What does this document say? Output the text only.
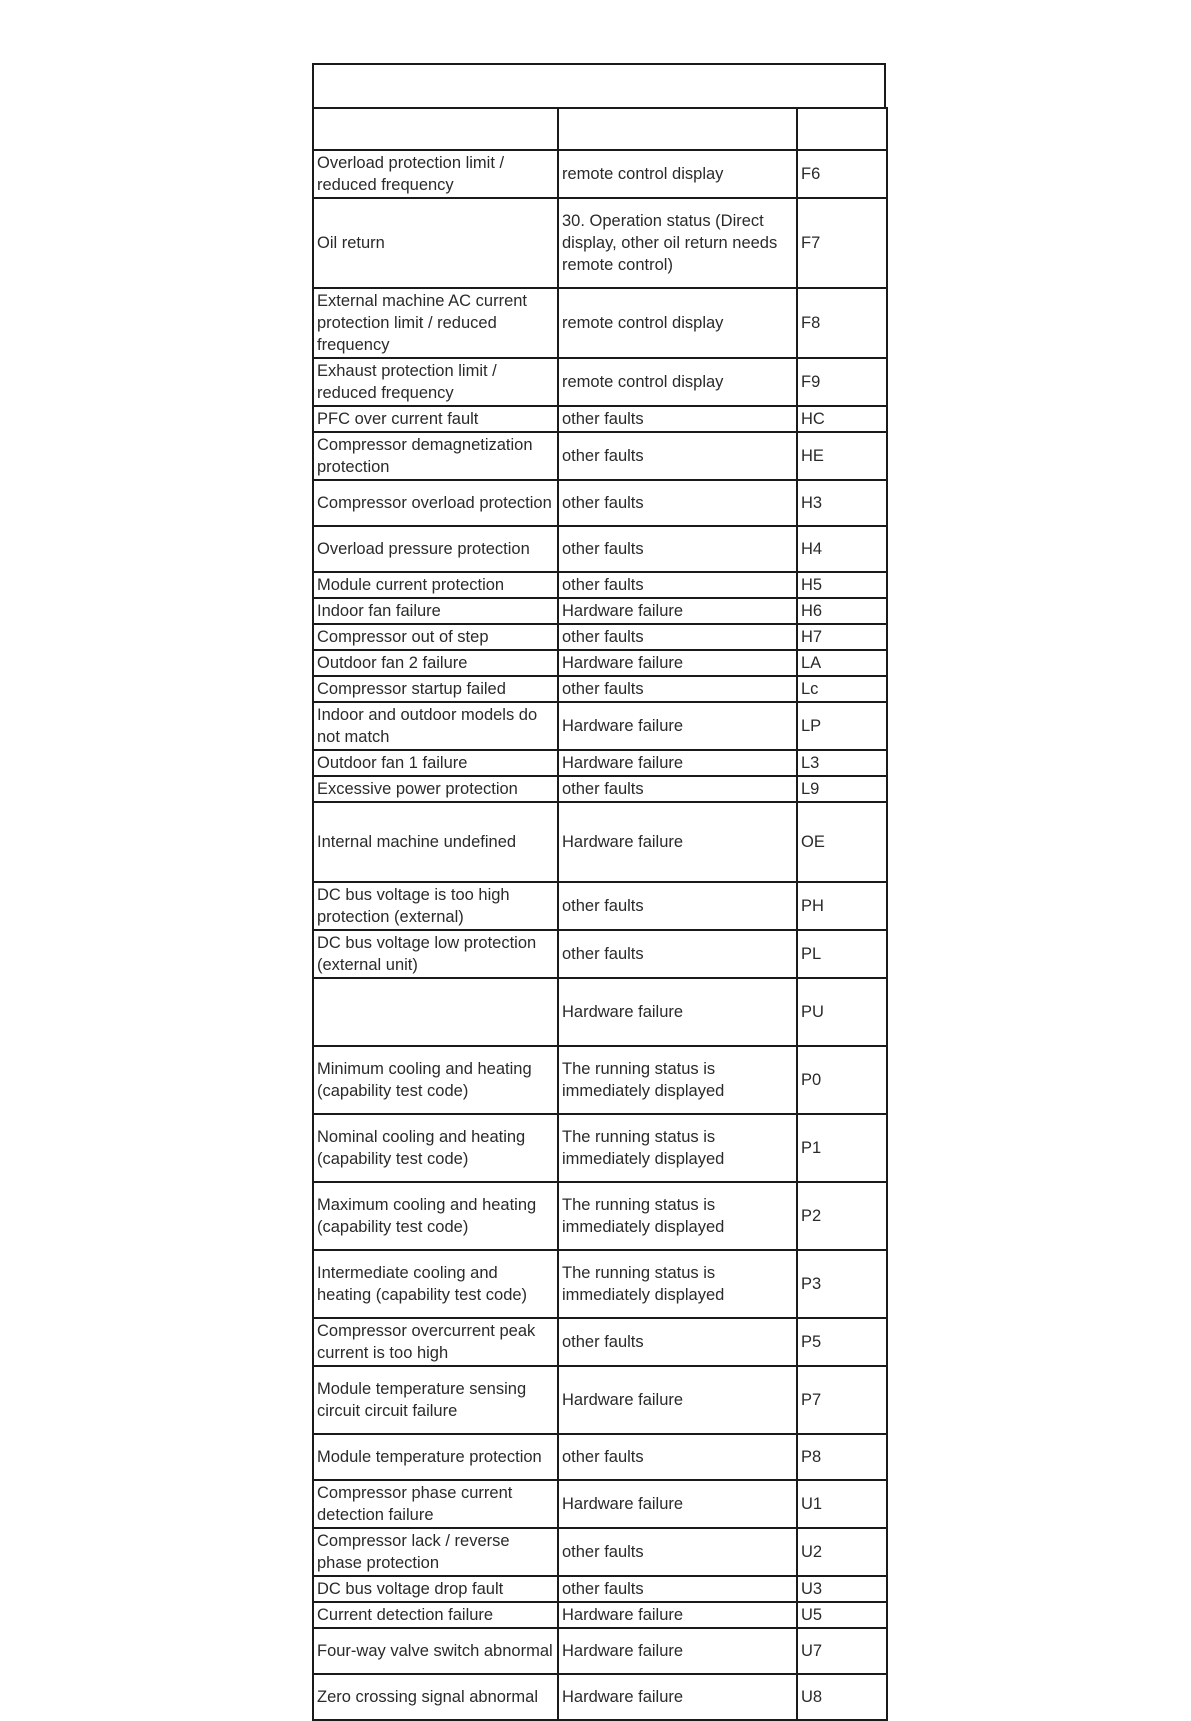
Overload protection limit / reduced frequency	remote control display	F6
Oil return	30. Operation status (Direct display, other oil return needs remote control)	F7
External machine AC current protection limit / reduced frequency	remote control display	F8
Exhaust protection limit / reduced frequency	remote control display	F9
PFC over current fault	other faults	HC
Compressor demagnetization protection	other faults	HE
Compressor overload protection	other faults	H3
Overload pressure protection	other faults	H4
Module current protection	other faults	H5
Indoor fan failure	Hardware failure	H6
Compressor out of step	other faults	H7
Outdoor fan 2 failure	Hardware failure	LA
Compressor startup failed	other faults	Lc
Indoor and outdoor models do not match	Hardware failure	LP
Outdoor fan 1 failure	Hardware failure	L3
Excessive power protection	other faults	L9
Internal machine undefined	Hardware failure	OE
DC bus voltage is too high protection (external)	other faults	PH
DC bus voltage low protection (external unit)	other faults	PL
	Hardware failure	PU
Minimum cooling and heating (capability test code)	The running status is immediately displayed	P0
Nominal cooling and heating (capability test code)	The running status is immediately displayed	P1
Maximum cooling and heating (capability test code)	The running status is immediately displayed	P2
Intermediate cooling and heating (capability test code)	The running status is immediately displayed	P3
Compressor overcurrent peak current is too high	other faults	P5
Module temperature sensing circuit circuit failure	Hardware failure	P7
Module temperature protection	other faults	P8
Compressor phase current detection failure	Hardware failure	U1
Compressor lack / reverse phase protection	other faults	U2
DC bus voltage drop fault	other faults	U3
Current detection failure	Hardware failure	U5
Four-way valve switch abnormal	Hardware failure	U7
Zero crossing signal abnormal	Hardware failure	U8
